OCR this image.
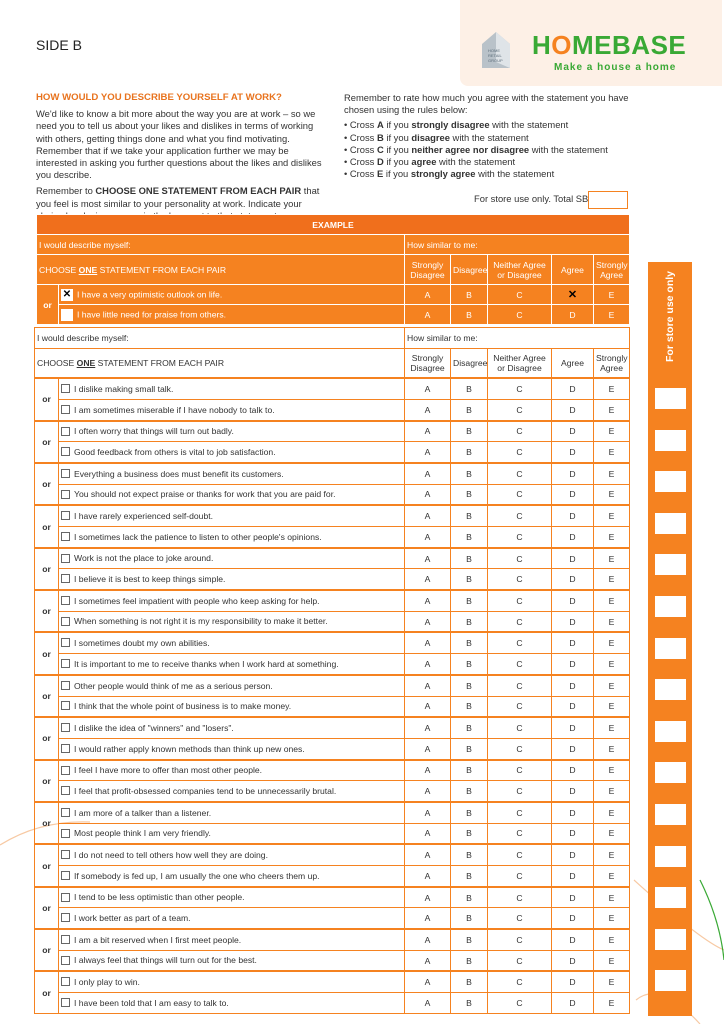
SIDE B	HOME
RETAIL
GROUP
HOMEBASE
Make a house a home
HOW WOULD YOU DESCRIBE YOURSELF AT WORK?

We'd like to know a bit more about the way you are at work – so we need you to tell us about your likes and dislikes in terms of working with others, getting things done and what you find motivating. Remember that if we take your application further we may be interested in asking you further questions about the likes and dislikes you describe.

Remember to CHOOSE ONE STATEMENT FROM EACH PAIR that you feel is most similar to your personality at work. Indicate your

Remember to rate how much you agree with the statement you have chosen using the rules below:

• Cross A if you strongly disagree with the statement
• Cross B if you disagree with the statement
• Cross C if you neither agree nor disagree with the statement
• Cross D if you agree with the statement
• Cross E if you strongly agree with the statement
For store use only. Total SB
EXAMPLE						
I would describe myself:		How similar to me:				
CHOOSE ONE STATEMENT FROM EACH PAIR		Strongly Disagree	Disagree	Neither Agree or Disagree	Agree	Strongly Agree
or	✕ I have a very optimistic outlook on life.	A	B	C	✕	E
	I have little need for praise from others.	A	B	C	D	E
I would describe myself:		How similar to me:				
CHOOSE ONE STATEMENT FROM EACH PAIR		Strongly Disagree	Disagree	Neither Agree or Disagree	Agree	Strongly Agree
or	I dislike making small talk.	A	B	C	D	E
	I am sometimes miserable if I have nobody to talk to.	A	B	C	D	E
or	I often worry that things will turn out badly.	A	B	C	D	E
	Good feedback from others is vital to job satisfaction.	A	B	C	D	E
or	Everything a business does must benefit its customers.	A	B	C	D	E
	You should not expect praise or thanks for work that you are paid for.	A	B	C	D	E
or	I have rarely experienced self-doubt.	A	B	C	D	E
	I sometimes lack the patience to listen to other people's opinions.	A	B	C	D	E
or	Work is not the place to joke around.	A	B	C	D	E
	I believe it is best to keep things simple.	A	B	C	D	E
or	I sometimes feel impatient with people who keep asking for help.	A	B	C	D	E
	When something is not right it is my responsibility to make it better.	A	B	C	D	E
or	I sometimes doubt my own abilities.	A	B	C	D	E
	It is important to me to receive thanks when I work hard at something.	A	B	C	D	E
or	Other people would think of me as a serious person.	A	B	C	D	E
	I think that the whole point of business is to make money.	A	B	C	D	E
or	I dislike the idea of "winners" and "losers".	A	B	C	D	E
	I would rather apply known methods than think up new ones.	A	B	C	D	E
or	I feel I have more to offer than most other people.	A	B	C	D	E
	I feel that profit-obsessed companies tend to be unnecessarily brutal.	A	B	C	D	E
or	I am more of a talker than a listener.	A	B	C	D	E
	Most people think I am very friendly.	A	B	C	D	E
or	I do not need to tell others how well they are doing.	A	B	C	D	E
	If somebody is fed up, I am usually the one who cheers them up.	A	B	C	D	E
or	I tend to be less optimistic than other people.	A	B	C	D	E
	I work better as part of a team.	A	B	C	D	E
or	I am a bit reserved when I first meet people.	A	B	C	D	E
	I always feel that things will turn out for the best.	A	B	C	D	E
or	I only play to win.	A	B	C	D	E
	I have been told that I am easy to talk to.	A	B	C	D	E
For store use only
